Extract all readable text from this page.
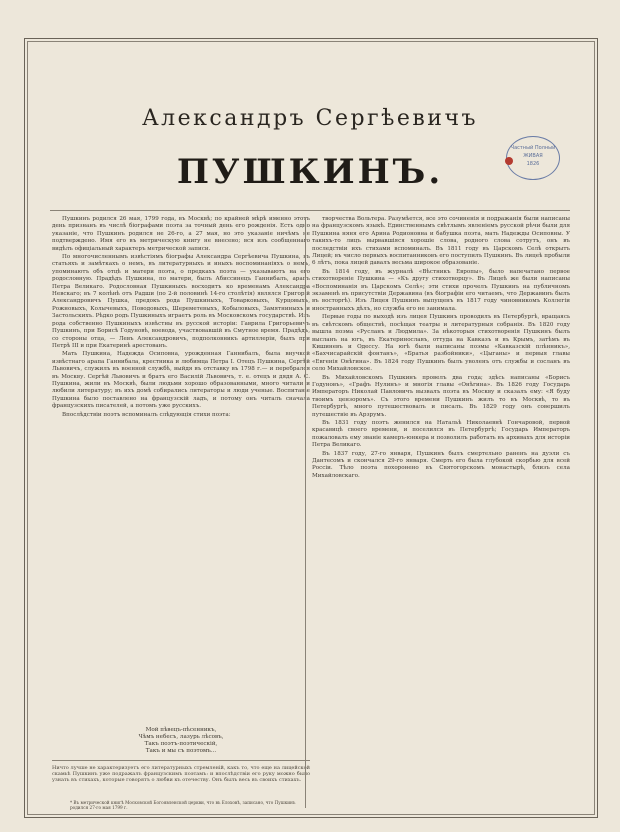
Александръ Сергѣевичъ
ПУШКИНЪ.
Частный Полный
ЖИВАЯ
1826

Пушкинъ родился 26 мая, 1799 года, въ Москвѣ; по крайней мѣрѣ именно этотъ день признанъ въ числѣ біографами поэта за точный день его рожденія. Есть одно указаніе, что Пушкинъ родился не 26-го, а 27 мая, но это указаніе ничѣмъ не подтверждено. Имя его въ метрическую книгу не внесено; вся изъ сообщеннаго видѣлъ офиціальный характеръ метрической записи.

По многочисленнымъ извѣстіямъ біографы Александра Сергѣевича Пушкина, въ статьяхъ и замѣткахъ о немъ, въ литературныхъ и иныхъ воспоминаніяхъ о немъ, упоминаютъ объ отцѣ и матери поэта, о предкахъ поэта — указываютъ на его родословную. Прадѣдъ Пушкина, по матери, былъ Абиссинецъ Ганнибалъ, арапъ Петра Великаго. Родословная Пушкиныхъ восходитъ ко временамъ Александра Невскаго; въ 7 колѣнѣ отъ Радши (по 2-й половинѣ 14-го столѣтія) являлся Григорій Александровичъ Пушка, предокъ рода Пушкиныхъ, Товарковыхъ, Курцовыхъ, Рожновыхъ, Колычевыхъ, Поводовыхъ, Шереметевыхъ, Кобыловыхъ, Замятниныхъ и Застольскихъ. Рѣдко родъ Пушкиныхъ играетъ роль въ Московскомъ государствѣ. Изъ рода собственно Пушкиныхъ извѣстны въ русской исторіи: Гаврила Григорьевичъ Пушкинъ, при Борисѣ Годуновѣ, воевода, участвовавшій въ Смутное время. Прадѣдъ, со стороны отца, — Левъ Александровичъ, подполковникъ артиллеріи, былъ при Петрѣ III и при Екатеринѣ арестованъ.

Мать Пушкина, Надежда Осиповна, урожденная Ганнибалъ, была внучкой извѣстнаго арапа Ганнибала, крестника и любимца Петра I. Отецъ Пушкина, Сергѣй Львовичъ, служилъ въ военной службѣ, выйдя въ отставку въ 1798 г.— и перебрался въ Москву. Сергѣй Львовичъ и братъ его Василій Львовичъ, т. е. отецъ и дядя А. С. Пушкина, жили въ Москвѣ, были людьми хорошо образованными, много читали и любили литературу; въ ихъ домѣ собирались литераторы и люди ученые. Воспитаніе Пушкина было поставлено на французскій ладъ, и потому онъ читалъ сначала французскихъ писателей, а потомъ уже русскихъ.

Впослѣдствіи поэтъ вспоминалъ слѣдующія стихи поэта:

Мой пѣвецъ-пѣсенникъ,
Чѣмъ небесъ, лазурь лѣсовъ,
Такъ поэтъ-поэтическій,
Такъ и мы съ поэтомъ...
Ничто лучше не характеризуетъ его литературныхъ стремленій, какъ то, что еще на лицейской скамьѣ Пушкинъ уже подражалъ французскимъ поэтамъ: и впослѣдствіи его руку можно было узнать въ стихахъ, которые говорятъ о любви къ отечеству. Онъ былъ весь въ своихъ стихахъ.
* Въ метрической книгѣ Московской Богоявленской церкви, что въ Елоховѣ, записано, что Пушкинъ родился 27-го мая 1799 г.

творчества Вольтера. Разумѣется, все это сочиненія и подражанія были написаны на французскомъ языкѣ. Единственнымъ свѣтлымъ явленіемъ русской рѣчи были для Пушкина няня его Арина Родионовна и бабушка поэта, мать Надежды Осиповны. У такихъ-то лицъ вырвавшіяся хорошіе слова, родного слова сотрутъ, онъ въ последствіи ихъ стихами вспоминалъ. Въ 1811 году въ Царскомъ Селѣ открытъ Лицей; въ число первыхъ воспитанниковъ его поступилъ Пушкинъ. Въ лицеѣ пробыли 6 лѣтъ, пока лицей давалъ весьма широкое образованіе.

Въ 1814 году, въ журналѣ «Вѣстникъ Европы», было напечатано первое стихотвореніе Пушкина — «Къ другу стихотворцу». Въ Лицеѣ же были написаны «Воспоминанія въ Царскомъ Селѣ»; эти стихи прочелъ Пушкинъ на публичномъ экзаменѣ въ присутствіи Державина (въ біографіи его читаемъ, что Державинъ былъ въ восторгѣ). Изъ Лицея Пушкинъ выпущенъ въ 1817 году чиновникомъ Коллегіи иностранныхъ дѣлъ, но служба его не занимала.

Первые годы по выходѣ изъ лицея Пушкинъ проводилъ въ Петербургѣ, вращаясь въ свѣтскомъ обществѣ, посѣщая театры и литературныя собранія. Въ 1820 году вышла поэма «Русланъ и Людмила». За нѣкоторыя стихотворенія Пушкинъ былъ высланъ на югъ, въ Екатеринославъ, оттуда на Кавказъ и въ Крымъ, затѣмъ въ Кишиневъ и Одессу. На югѣ были написаны поэмы «Кавказскій плѣнникъ», «Бахчисарайскій фонтанъ», «Братья разбойники», «Цыганы» и первыя главы «Евгенія Онѣгина». Въ 1824 году Пушкинъ былъ уволенъ отъ службы и сосланъ въ село Михайловское.

Въ Михайловскомъ Пушкинъ провелъ два года; здѣсь написаны «Борисъ Годуновъ», «Графъ Нулинъ» и многія главы «Онѣгина». Въ 1826 году Государь Императоръ Николай Павловичъ вызвалъ поэта въ Москву и сказалъ ему: «Я буду твоимъ цензоромъ». Съ этого времени Пушкинъ жилъ то въ Москвѣ, то въ Петербургѣ, много путешествовалъ и писалъ. Въ 1829 году онъ совершилъ путешествіе въ Арзрумъ.

Въ 1831 году поэтъ женился на Натальѣ Николаевнѣ Гончаровой, первой красавицѣ своего времени, и поселился въ Петербургѣ; Государь Императоръ пожаловалъ ему званіе камеръ-юнкера и позволилъ работать въ архивахъ для исторіи Петра Великаго.

Въ 1837 году, 27-го января, Пушкинъ былъ смертельно раненъ на дуэли съ Дантесомъ и скончался 29-го января. Смерть его была глубокой скорбью для всей Россіи. Тѣло поэта похоронено въ Святогорскомъ монастырѣ, близъ села Михайловскаго.
